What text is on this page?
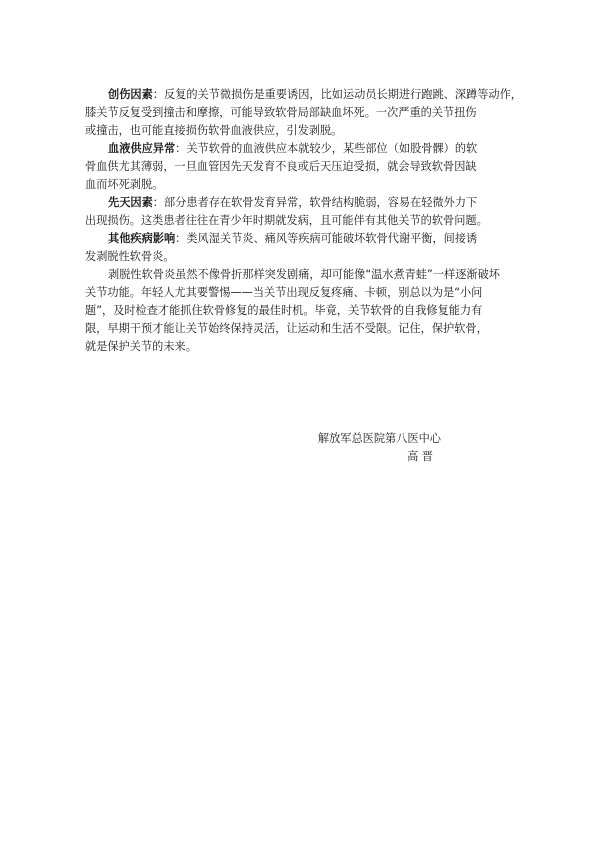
创伤因素：反复的关节微损伤是重要诱因，比如运动员长期进行跑跳、深蹲等动作，
膝关节反复受到撞击和摩擦，可能导致软骨局部缺血坏死。一次严重的关节扭伤
或撞击，也可能直接损伤软骨血液供应，引发剥脱。
血液供应异常：关节软骨的血液供应本就较少，某些部位（如股骨髁）的软
骨血供尤其薄弱，一旦血管因先天发育不良或后天压迫受损，就会导致软骨因缺
血而坏死剥脱。
先天因素：部分患者存在软骨发育异常，软骨结构脆弱，容易在轻微外力下
出现损伤。这类患者往往在青少年时期就发病，且可能伴有其他关节的软骨问题。
其他疾病影响：类风湿关节炎、痛风等疾病可能破坏软骨代谢平衡，间接诱
发剥脱性软骨炎。
剥脱性软骨炎虽然不像骨折那样突发剧痛，却可能像“温水煮青蛙”一样逐渐破坏
关节功能。年轻人尤其要警惕——当关节出现反复疼痛、卡顿，别总以为是“小问
题”，及时检查才能抓住软骨修复的最佳时机。毕竟，关节软骨的自我修复能力有
限，早期干预才能让关节始终保持灵活，让运动和生活不受限。记住，保护软骨，
就是保护关节的未来。
解放军总医院第八医中心
高 晋
